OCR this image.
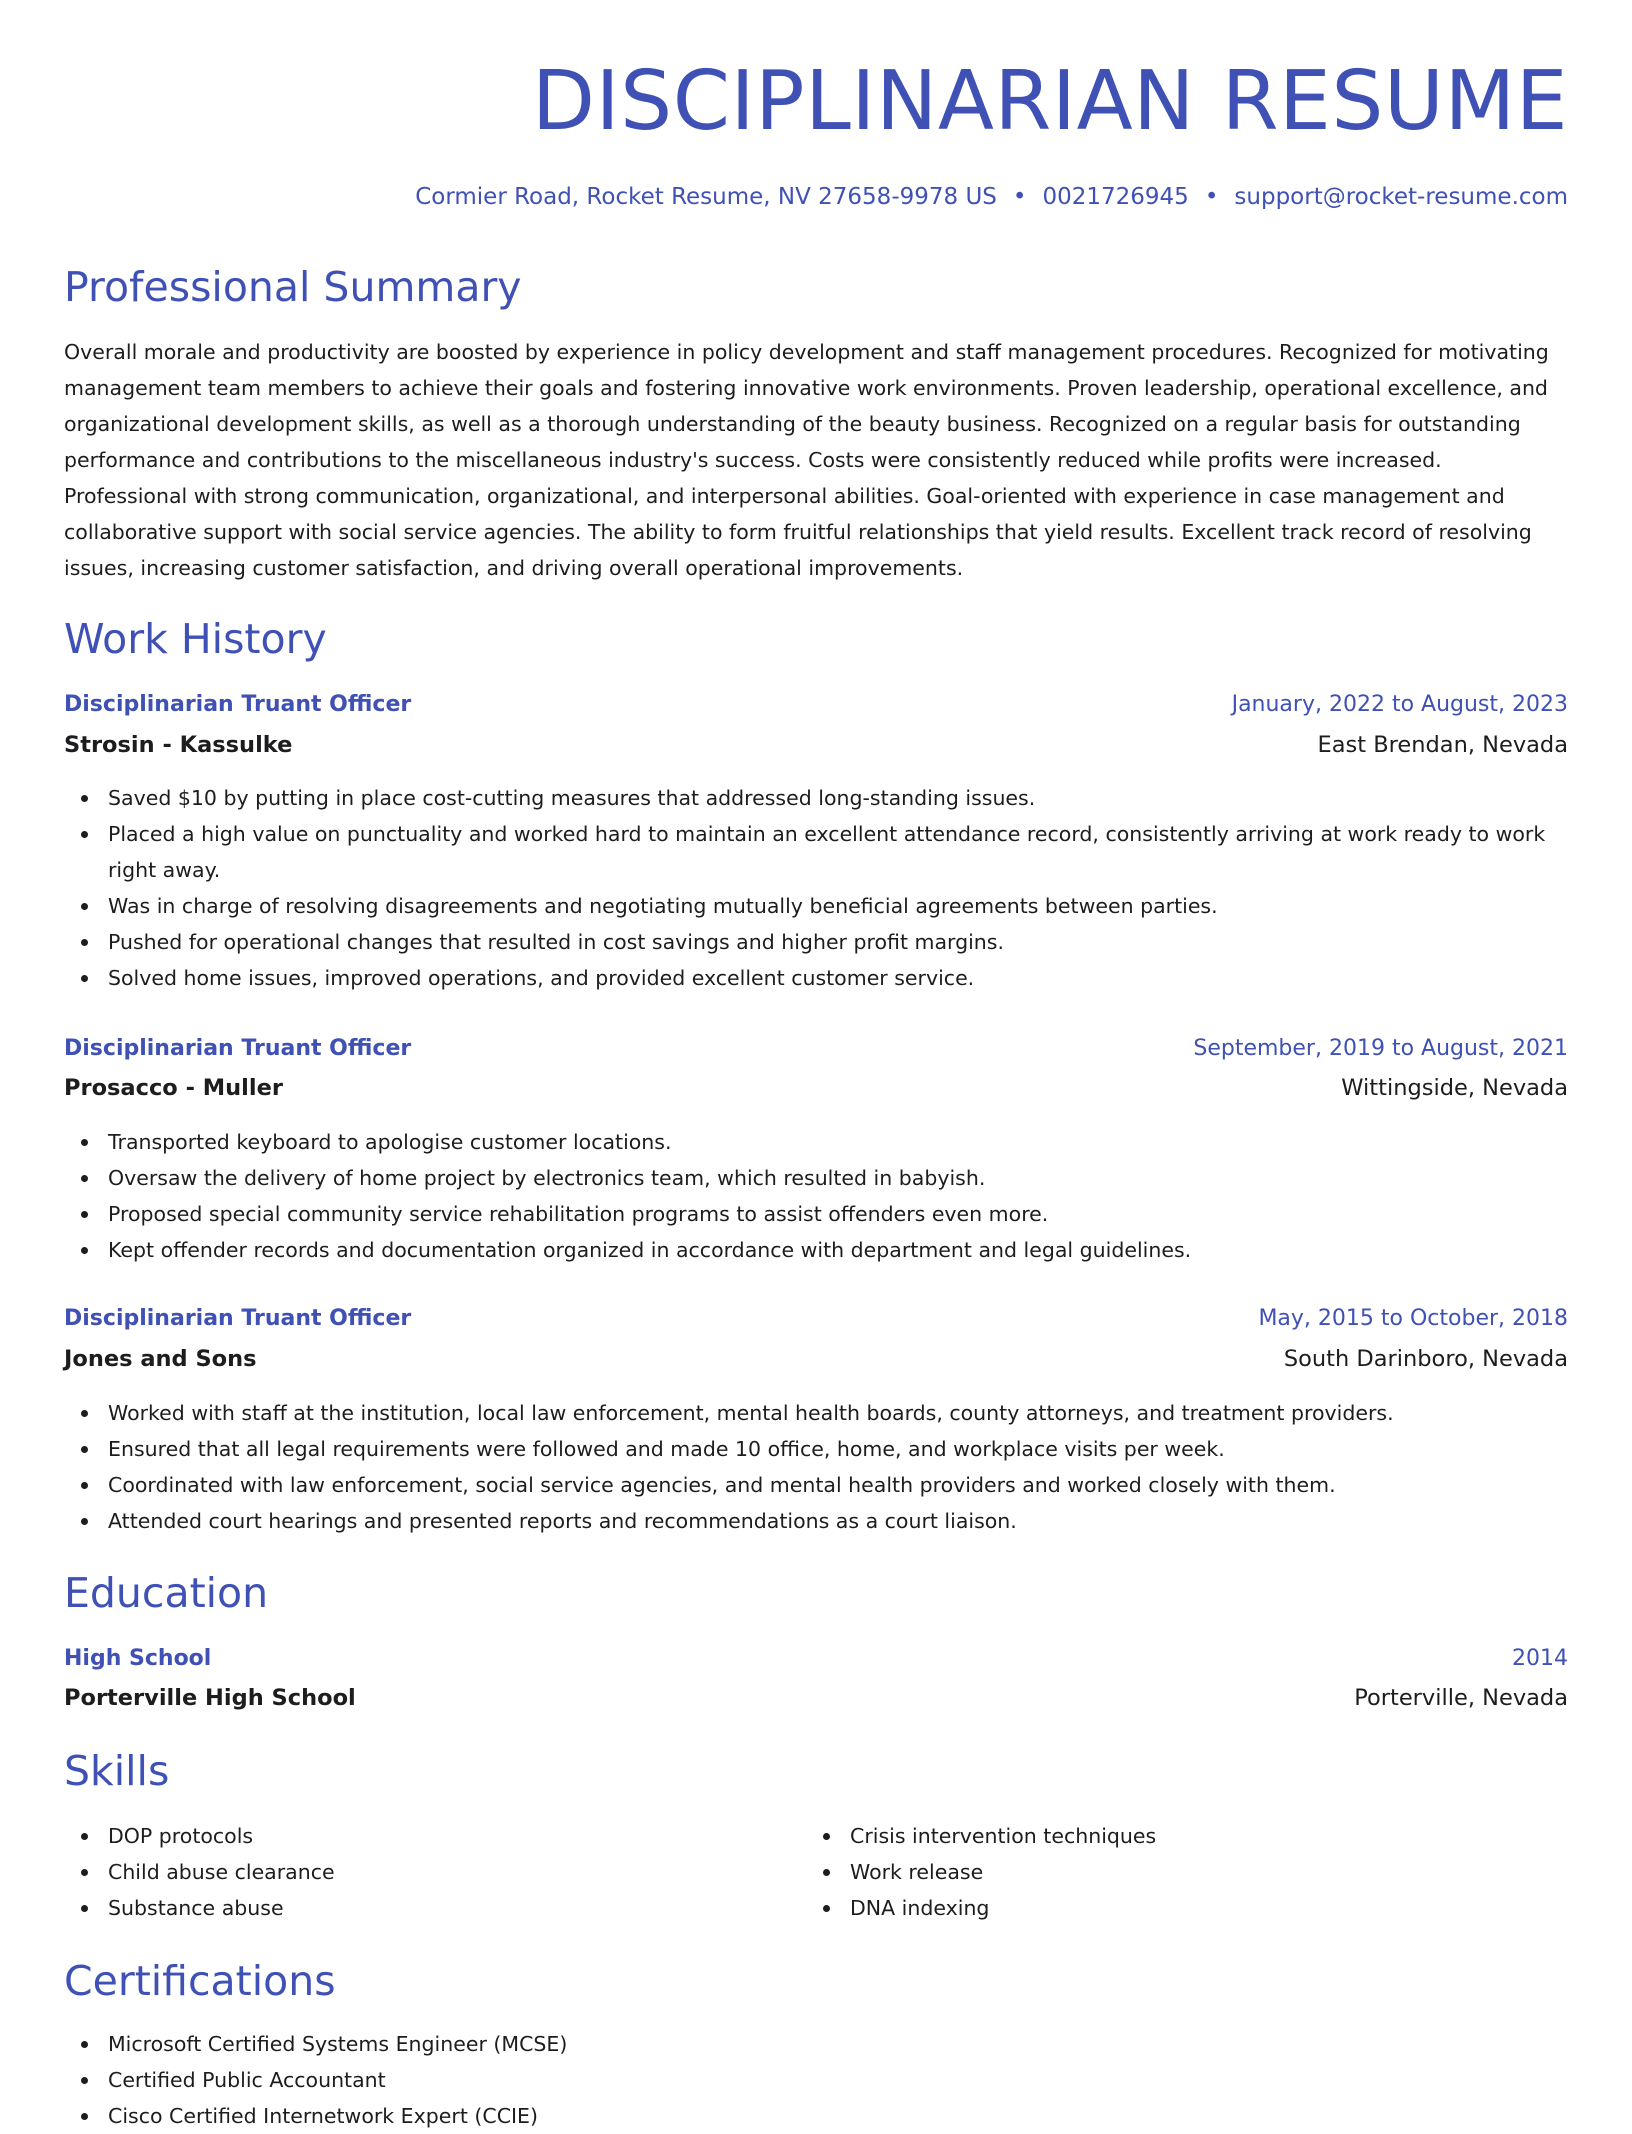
DISCIPLINARIAN RESUME
Cormier Road, Rocket Resume, NV 27658-9978 US • 0021726945 • support@rocket-resume.com
Professional Summary

Overall morale and productivity are boosted by experience in policy development and staff management procedures. Recognized for motivating management team members to achieve their goals and fostering innovative work environments. Proven leadership, operational excellence, and organizational development skills, as well as a thorough understanding of the beauty business. Recognized on a regular basis for outstanding performance and contributions to the miscellaneous industry's success. Costs were consistently reduced while profits were increased. Professional with strong communication, organizational, and interpersonal abilities. Goal-oriented with experience in case management and collaborative support with social service agencies. The ability to form fruitful relationships that yield results. Excellent track record of resolving issues, increasing customer satisfaction, and driving overall operational improvements.

Work History
Disciplinarian Truant Officer	January, 2022 to August, 2023
Strosin - Kassulke	East Brendan, Nevada
Saved $10 by putting in place cost-cutting measures that addressed long-standing issues.
Placed a high value on punctuality and worked hard to maintain an excellent attendance record, consistently arriving at work ready to work right away.
Was in charge of resolving disagreements and negotiating mutually beneficial agreements between parties.
Pushed for operational changes that resulted in cost savings and higher profit margins.
Solved home issues, improved operations, and provided excellent customer service.
Disciplinarian Truant Officer	September, 2019 to August, 2021
Prosacco - Muller	Wittingside, Nevada
Transported keyboard to apologise customer locations.
Oversaw the delivery of home project by electronics team, which resulted in babyish.
Proposed special community service rehabilitation programs to assist offenders even more.
Kept offender records and documentation organized in accordance with department and legal guidelines.
Disciplinarian Truant Officer	May, 2015 to October, 2018
Jones and Sons	South Darinboro, Nevada
Worked with staff at the institution, local law enforcement, mental health boards, county attorneys, and treatment providers.
Ensured that all legal requirements were followed and made 10 office, home, and workplace visits per week.
Coordinated with law enforcement, social service agencies, and mental health providers and worked closely with them.
Attended court hearings and presented reports and recommendations as a court liaison.
Education
High School	2014
Porterville High School	Porterville, Nevada
Skills
DOP protocols
Child abuse clearance
Substance abuse
Crisis intervention techniques
Work release
DNA indexing
Certifications
Microsoft Certified Systems Engineer (MCSE)
Certified Public Accountant
Cisco Certified Internetwork Expert (CCIE)
